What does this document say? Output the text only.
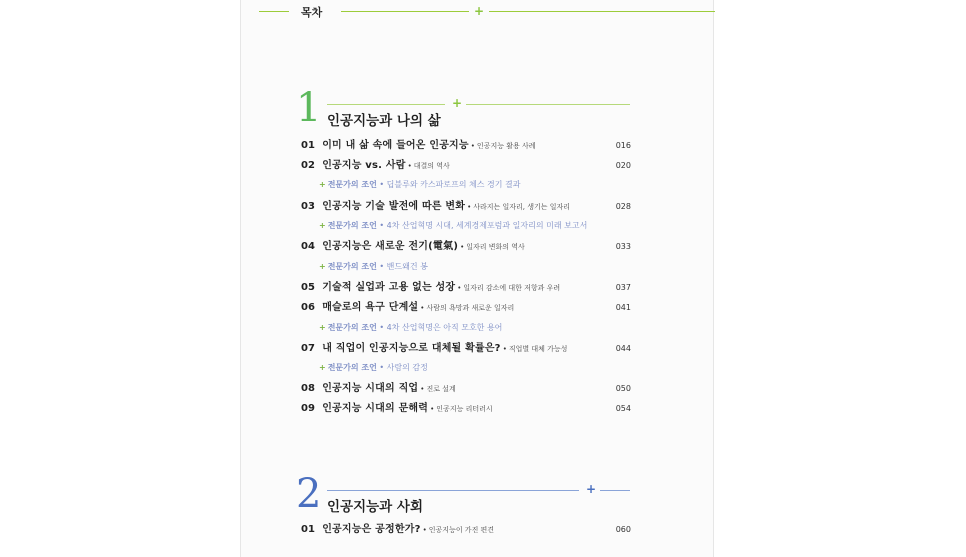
목차	+
1	+
인공지능과 나의 삶
01 이미 내 삶 속에 들어온 인공지능 • 인공지능 활용 사례	016
02 인공지능 vs. 사람 • 대결의 역사	020
+ 전문가의 조언 • 딥블루와 카스파로프의 체스 경기 결과
03 인공지능 기술 발전에 따른 변화 • 사라지는 일자리, 생기는 일자리	028
+ 전문가의 조언 • 4차 산업혁명 시대, 세계경제포럼과 일자리의 미래 보고서
04 인공지능은 새로운 전기(電氣) • 일자리 변화의 역사	033
+ 전문가의 조언 • 밴드왜건 봉
05 기술적 실업과 고용 없는 성장 • 일자리 감소에 대한 저항과 우려	037
06 매슬로의 욕구 단계설 • 사람의 욕망과 새로운 일자리	041
+ 전문가의 조언 • 4차 산업혁명은 아직 모호한 용어
07 내 직업이 인공지능으로 대체될 확률은? • 직업별 대체 가능성	044
+ 전문가의 조언 • 사람의 감정
08 인공지능 시대의 직업 • 진로 설계	050
09 인공지능 시대의 문해력 • 인공지능 리터러시	054
2	+
인공지능과 사회
01 인공지능은 공정한가? • 인공지능이 가진 편견	060
